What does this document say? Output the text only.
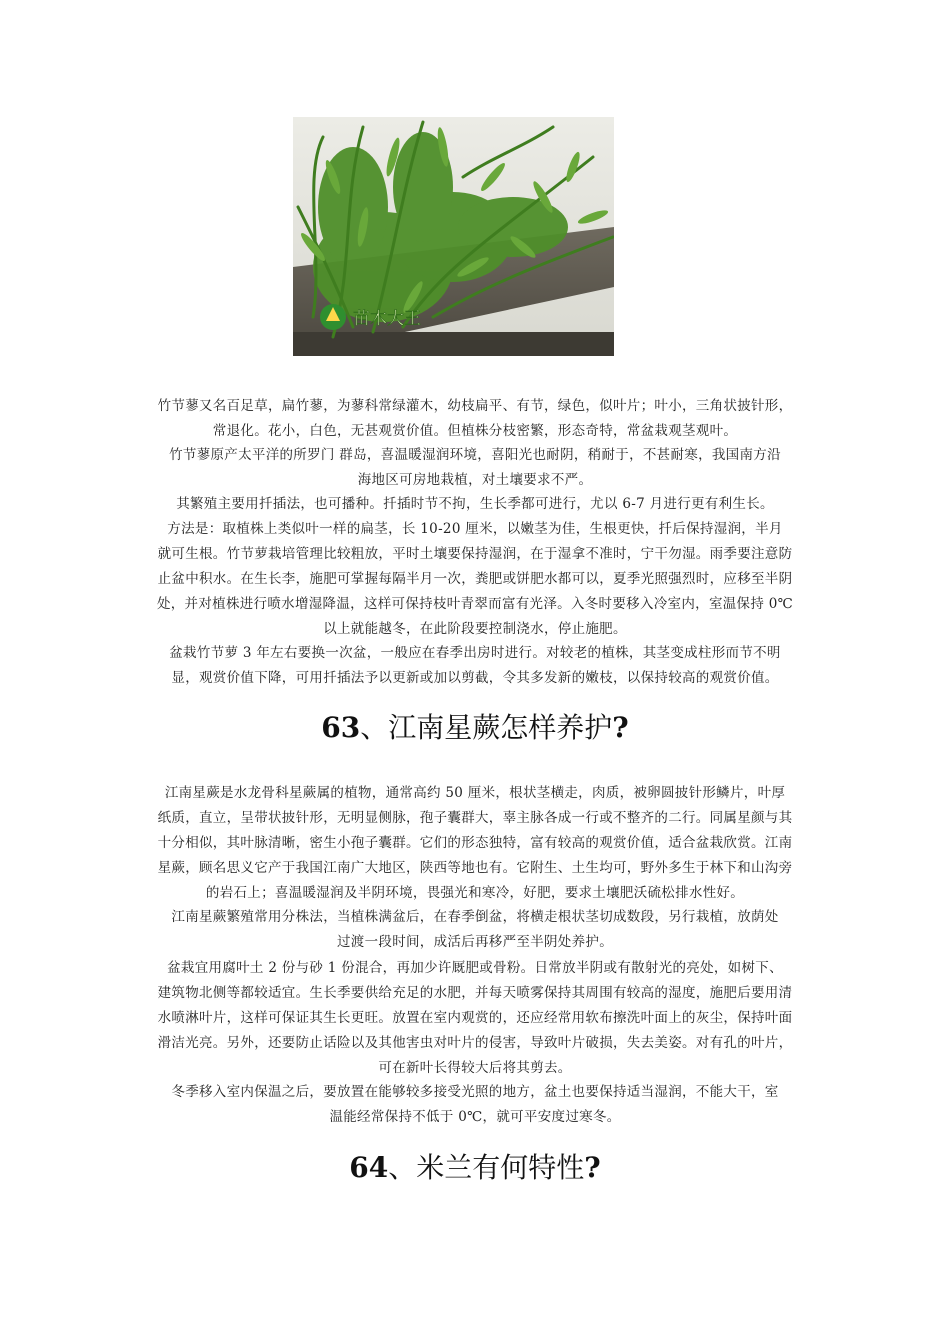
苗木大王
竹节蓼又名百足草，扁竹蓼，为蓼科常绿灌木，幼枝扁平、有节，绿色，似叶片；叶小，三角状披针形，
常退化。花小，白色，无甚观赏价值。但植株分枝密繁，形态奇特，常盆栽观茎观叶。
竹节蓼原产太平洋的所罗门 群岛，喜温暖湿润环境，喜阳光也耐阴，稍耐于，不甚耐寒，我国南方沿
海地区可房地栽植，对土壤要求不严。
其繁殖主要用扦插法，也可播种。扦插时节不拘，生长季都可进行，尤以 6-7 月进行更有利生长。
方法是：取植株上类似叶一样的扁茎，长 10-20 厘米，以嫩茎为佳，生根更快，扦后保持湿润，半月
就可生根。竹节萝栽培管理比较粗放，平时土壤要保持湿润，在于湿拿不准时，宁干勿湿。雨季要注意防
止盆中积水。在生长李，施肥可掌握每隔半月一次，粪肥或饼肥水都可以，夏季光照强烈时，应移至半阴
处，并对植株进行喷水增湿降温，这样可保持枝叶青翠而富有光泽。入冬时要移入冷室内，室温保持 0℃
以上就能越冬，在此阶段要控制浇水，停止施肥。
盆栽竹节萝 3 年左右要换一次盆，一般应在春季出房时进行。对较老的植株，其茎变成柱形而节不明
显，观赏价值下降，可用扦插法予以更新或加以剪截，令其多发新的嫩枝，以保持较高的观赏价值。
63、江南星蕨怎样养护?
江南星蕨是水龙骨科星蕨属的植物，通常高约 50 厘米，根状茎横走，肉质，被卵圆披针形鳞片，叶厚
纸质，直立，呈带状披针形，无明显侧脉，孢子囊群大，辜主脉各成一行或不整齐的二行。同属星颜与其
十分相似，其叶脉清晰，密生小孢子囊群。它们的形态独特，富有较高的观赏价值，适合盆栽欣赏。江南
星蕨，顾名思义它产于我国江南广大地区，陕西等地也有。它附生、土生均可，野外多生于林下和山沟旁
的岩石上；喜温暖湿润及半阴环境，畏强光和寒冷，好肥，要求土壤肥沃硫松排水性好。
江南星蕨繁殖常用分株法，当植株满盆后，在春季倒盆，将横走根状茎切成数段，另行栽植，放荫处
过渡一段时间，成活后再移严至半阴处养护。
盆栽宜用腐叶土 2 份与砂 1 份混合，再加少许厩肥或骨粉。日常放半阴或有散射光的亮处，如树下、
建筑物北侧等都较适宜。生长季要供给充足的水肥，并每天喷雾保持其周围有较高的湿度，施肥后要用清
水喷淋叶片，这样可保证其生长更旺。放置在室内观赏的，还应经常用软布擦洗叶面上的灰尘，保持叶面
滑洁光亮。另外，还要防止话险以及其他害虫对叶片的侵害，导致叶片破损，失去美姿。对有孔的叶片，
可在新叶长得较大后将其剪去。
冬季移入室内保温之后，要放置在能够较多接受光照的地方，盆土也要保持适当湿润，不能大干，室
温能经常保持不低于 0℃，就可平安度过寒冬。
64、米兰有何特性?
